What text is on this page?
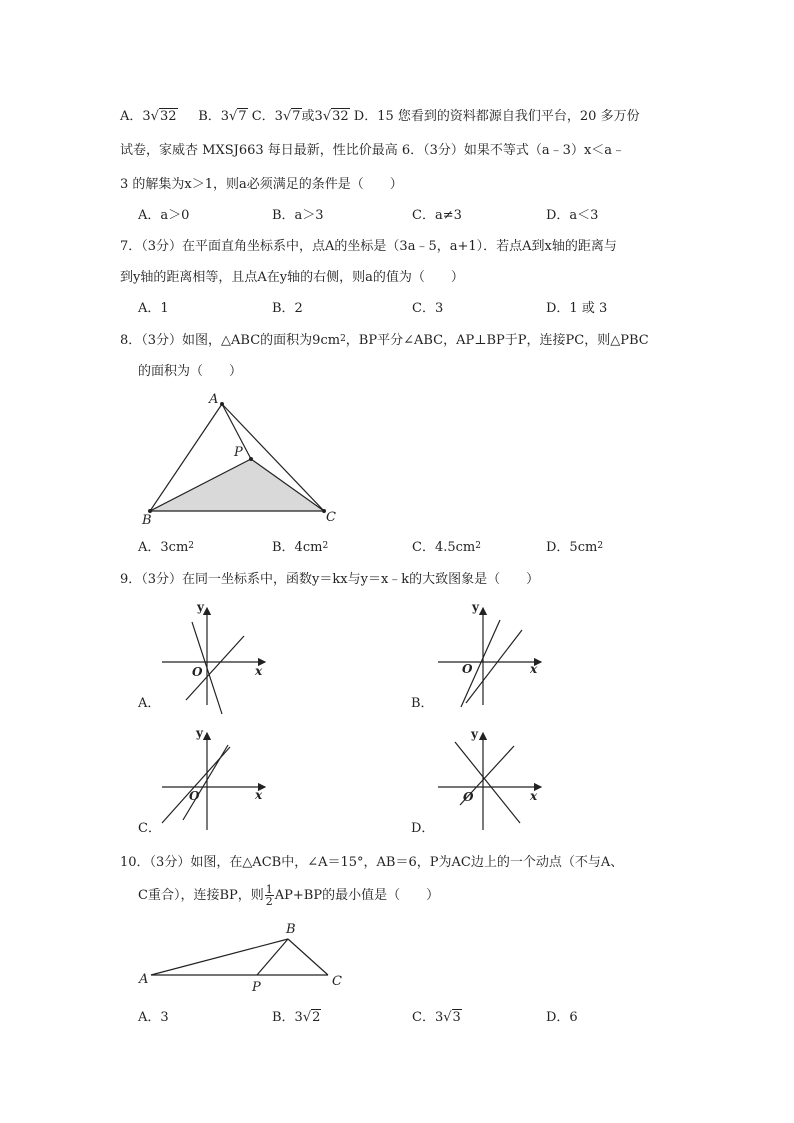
A．3√32 B．3√7 C．3√7或3√32 D．15 您看到的资料都源自我们平台，20 多万份
试卷，家威杏 MXSJ663 每日最新，性比价最高 6．（3分）如果不等式（a﹣3）x＜a﹣
3 的解集为x＞1，则a必须满足的条件是（　　）
A．a＞0	B．a＞3	C．a≠3	D．a＜3
7．（3分）在平面直角坐标系中，点A的坐标是（3a﹣5，a+1）．若点A到x轴的距离与
到y轴的距离相等，且点A在y轴的右侧，则a的值为（　　）
A．1	B．2	C．3	D．1 或 3
8．（3分）如图，△ABC的面积为$9cm^2$，BP平分∠ABC，AP⊥BP于P，连接PC，则△PBC
的面积为（　　）
A
B	C
P
A．$3cm^2$	B．$4cm^2$	C．$4.5cm^2$	D．$5cm^2$
9．（3分）在同一坐标系中，函数y＝kx与y＝x﹣k的大致图象是（　　）
y
x
O
y
x
O
y
x
O
y
x
O
A．	B．
C．	D．
10．（3分）如图，在△ACB中，∠A＝15°，AB＝6，P为AC边上的一个动点（不与A、
C重合），连接BP，则 $\frac{1}{2} AP+BP$的最小值是（　　）
B
A
P	C
A．3	B．3√2	C．3√3	D．6
